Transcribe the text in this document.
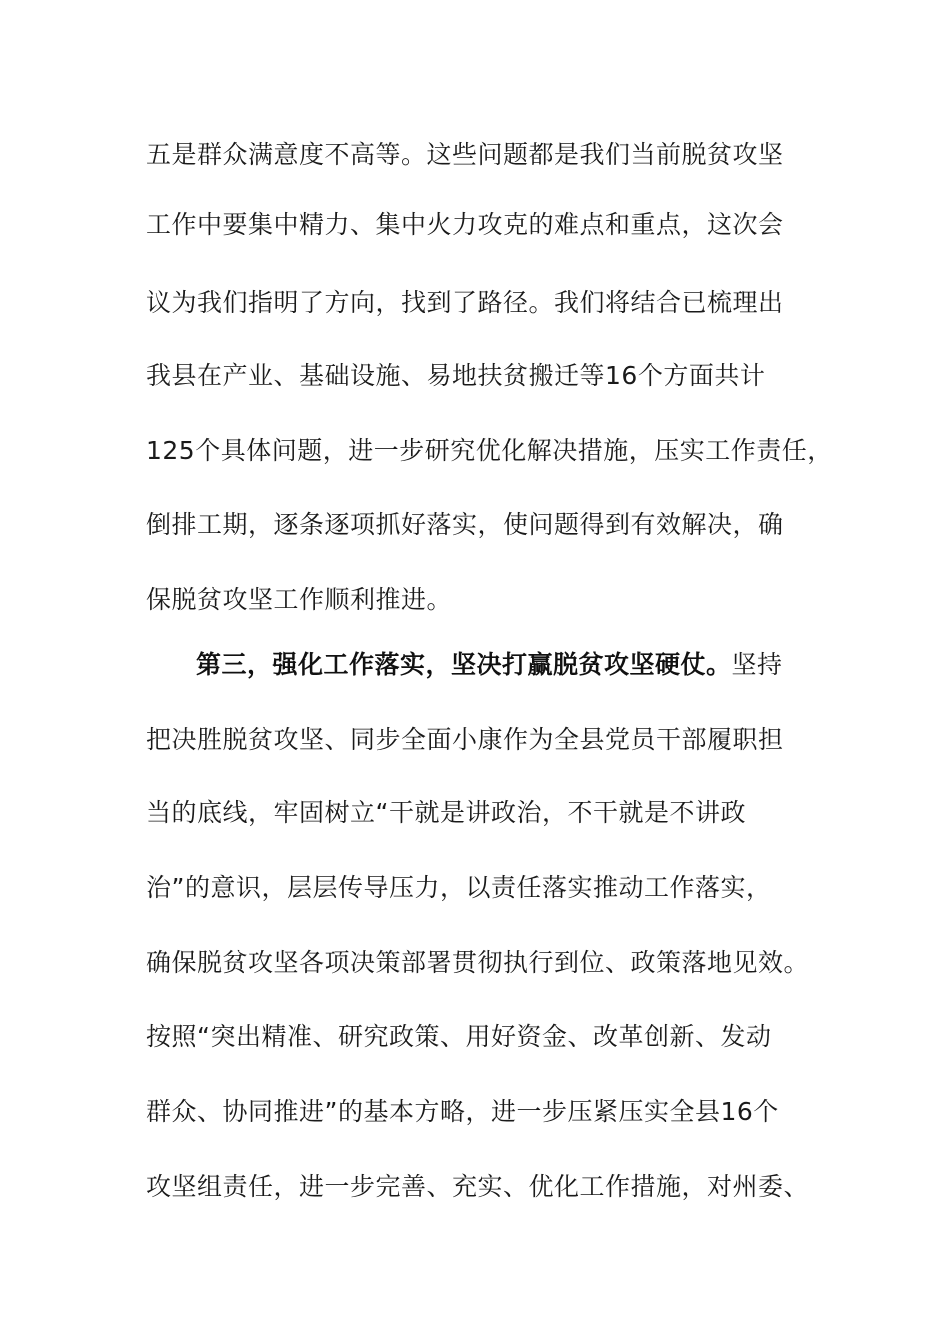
五是群众满意度不高等。这些问题都是我们当前脱贫攻坚
工作中要集中精力、集中火力攻克的难点和重点，这次会
议为我们指明了方向，找到了路径。我们将结合已梳理出
我县在产业、基础设施、易地扶贫搬迁等16个方面共计
125个具体问题，进一步研究优化解决措施，压实工作责任，
倒排工期，逐条逐项抓好落实，使问题得到有效解决，确
保脱贫攻坚工作顺利推进。
第三，强化工作落实，坚决打赢脱贫攻坚硬仗。坚持
把决胜脱贫攻坚、同步全面小康作为全县党员干部履职担
当的底线，牢固树立“干就是讲政治，不干就是不讲政
治”的意识，层层传导压力，以责任落实推动工作落实，
确保脱贫攻坚各项决策部署贯彻执行到位、政策落地见效。
按照“突出精准、研究政策、用好资金、改革创新、发动
群众、协同推进”的基本方略，进一步压紧压实全县16个
攻坚组责任，进一步完善、充实、优化工作措施，对州委、
